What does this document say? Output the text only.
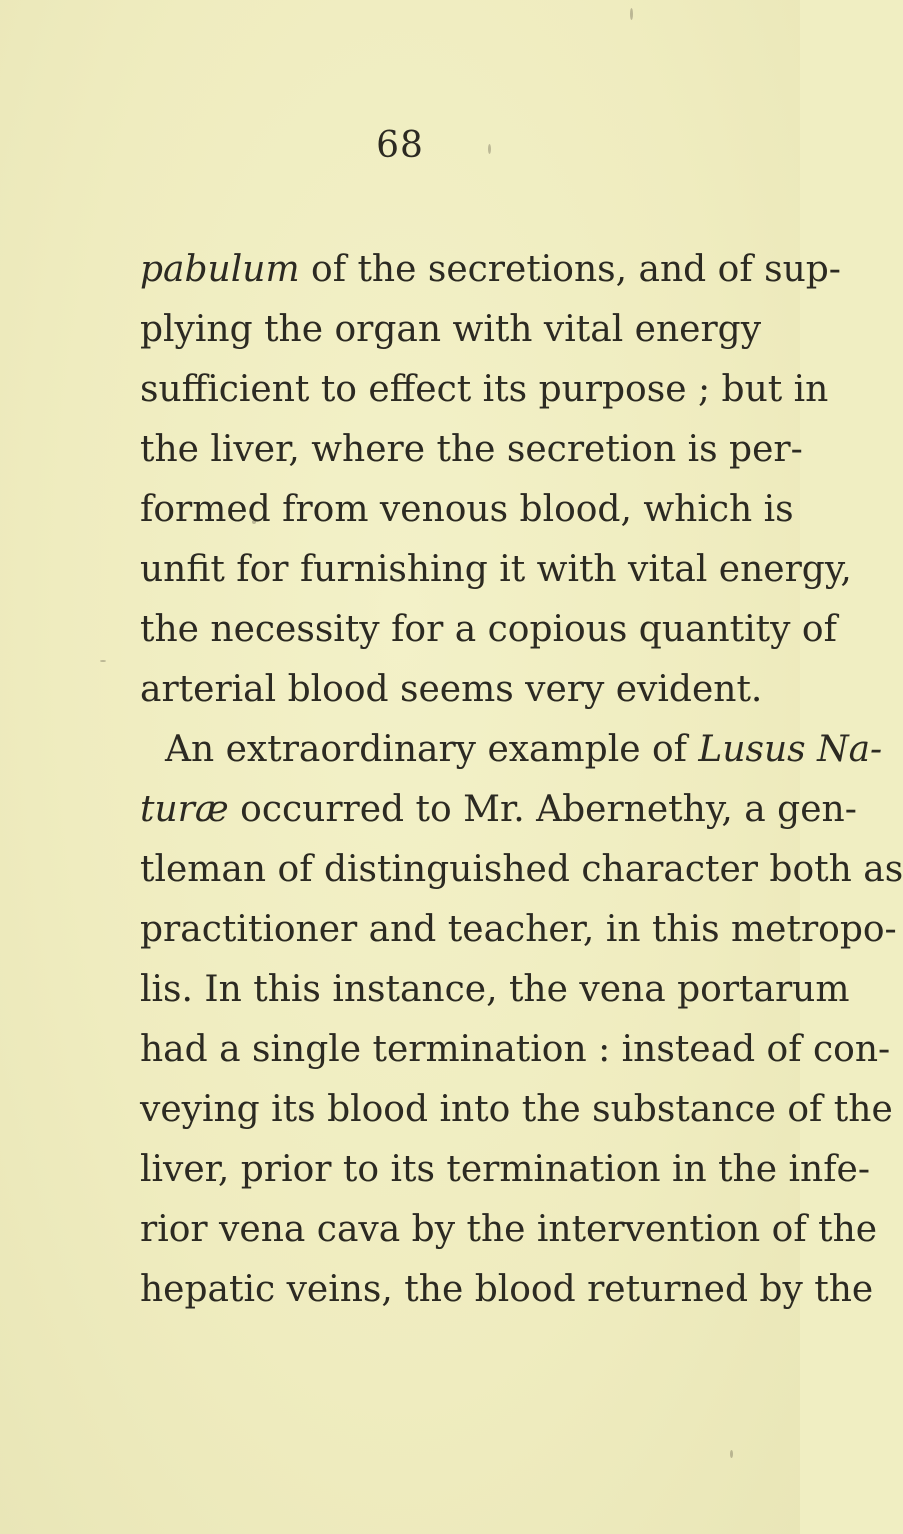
68
pabulum of the secretions, and of sup-
plying the organ with vital energy
sufficient to effect its purpose ; but in
the liver, where the secretion is per-
formed from venous blood, which is
unfit for furnishing it with vital energy,
the necessity for a copious quantity of
arterial blood seems very evident.
An extraordinary example of Lusus Na-
turæ occurred to Mr. Abernethy, a gen-
tleman of distinguished character both as
practitioner and teacher, in this metropo-
lis. In this instance, the vena portarum
had a single termination : instead of con-
veying its blood into the substance of the
liver, prior to its termination in the infe-
rior vena cava by the intervention of the
hepatic veins, the blood returned by the
